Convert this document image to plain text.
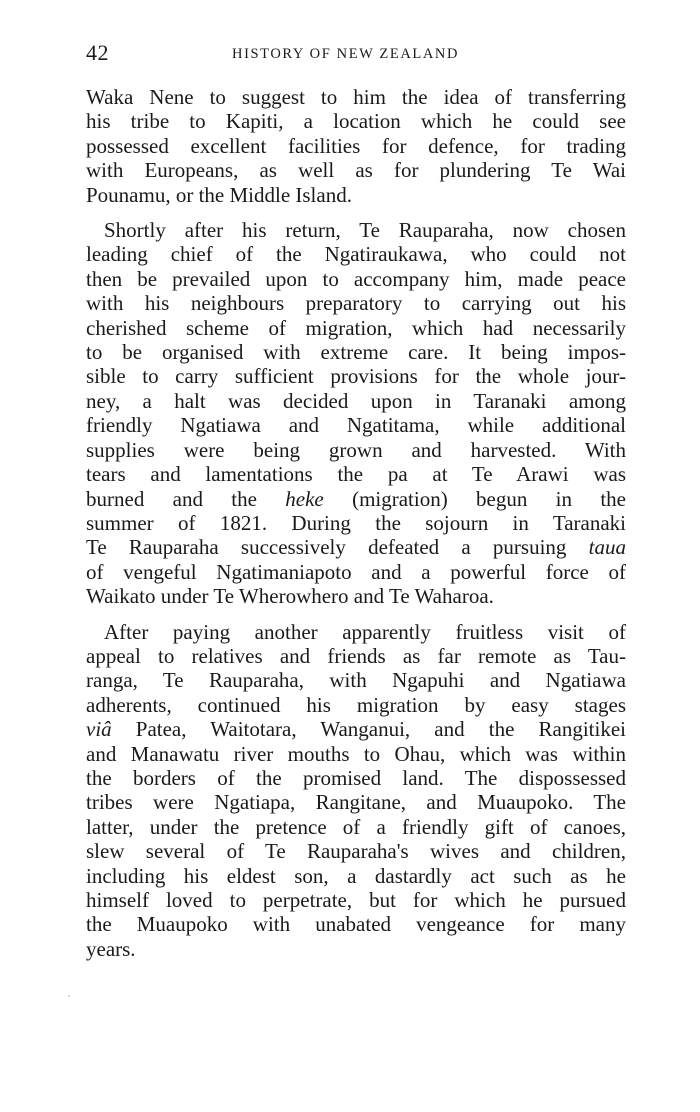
42	HISTORY OF NEW ZEALAND

Waka Nene to suggest to him the idea of transferring
his tribe to Kapiti, a location which he could see
possessed excellent facilities for defence, for trading
with Europeans, as well as for plundering Te Wai
Pounamu, or the Middle Island.

Shortly after his return, Te Rauparaha, now chosen
leading chief of the Ngatiraukawa, who could not
then be prevailed upon to accompany him, made peace
with his neighbours preparatory to carrying out his
cherished scheme of migration, which had necessarily
to be organised with extreme care. It being impos-
sible to carry sufficient provisions for the whole jour-
ney, a halt was decided upon in Taranaki among
friendly Ngatiawa and Ngatitama, while additional
supplies were being grown and harvested. With
tears and lamentations the pa at Te Arawi was
burned and the heke (migration) begun in the
summer of 1821. During the sojourn in Taranaki
Te Rauparaha successively defeated a pursuing taua
of vengeful Ngatimaniapoto and a powerful force of
Waikato under Te Wherowhero and Te Waharoa.

After paying another apparently fruitless visit of
appeal to relatives and friends as far remote as Tau-
ranga, Te Rauparaha, with Ngapuhi and Ngatiawa
adherents, continued his migration by easy stages
viâ Patea, Waitotara, Wanganui, and the Rangitikei
and Manawatu river mouths to Ohau, which was within
the borders of the promised land. The dispossessed
tribes were Ngatiapa, Rangitane, and Muaupoko. The
latter, under the pretence of a friendly gift of canoes,
slew several of Te Rauparaha's wives and children,
including his eldest son, a dastardly act such as he
himself loved to perpetrate, but for which he pursued
the Muaupoko with unabated vengeance for many
years.
